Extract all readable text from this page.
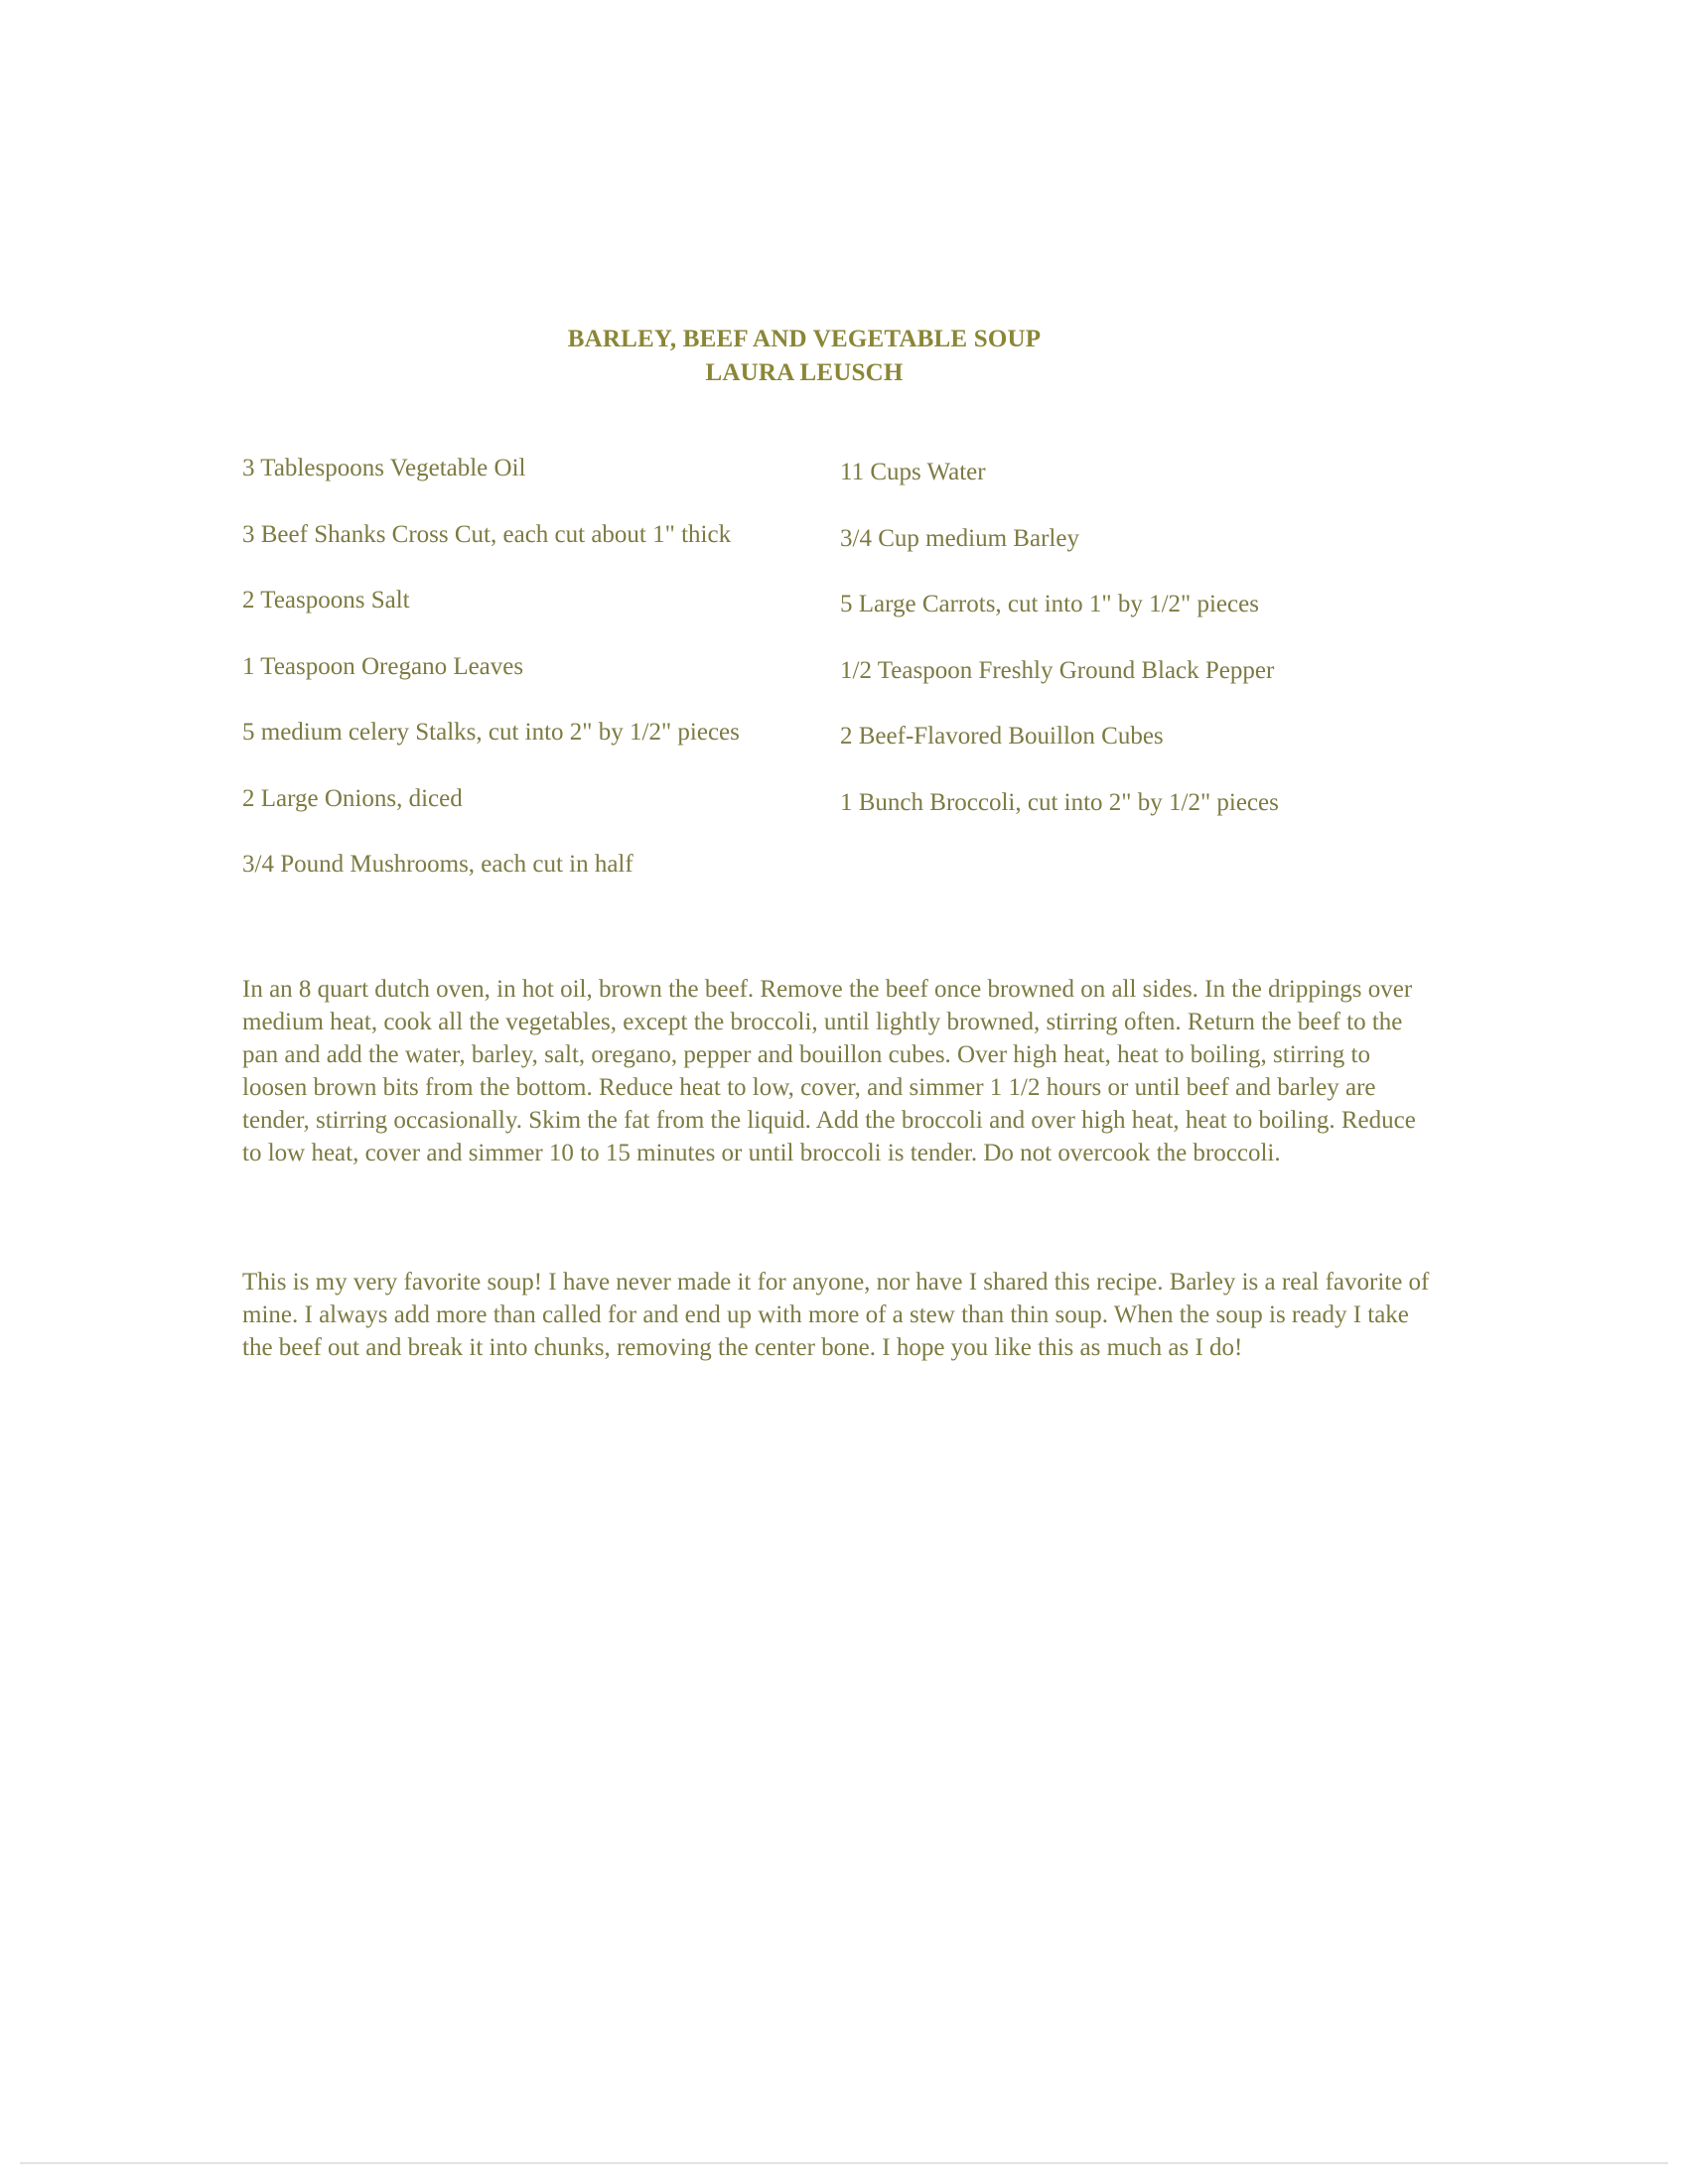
BARLEY, BEEF AND VEGETABLE SOUP
LAURA LEUSCH
3 Tablespoons Vegetable Oil
3 Beef Shanks Cross Cut, each cut about 1" thick
2 Teaspoons Salt
1 Teaspoon Oregano Leaves
5 medium celery Stalks, cut into 2" by 1/2" pieces
2 Large Onions, diced
3/4 Pound Mushrooms, each cut in half
11 Cups Water
3/4 Cup medium Barley
5 Large Carrots, cut into 1" by 1/2" pieces
1/2 Teaspoon Freshly Ground Black Pepper
2 Beef-Flavored Bouillon Cubes
1 Bunch Broccoli, cut into 2" by 1/2" pieces

In an 8 quart dutch oven, in hot oil, brown the beef. Remove the beef once browned on all sides. In the drippings over medium heat, cook all the vegetables, except the broccoli, until lightly browned, stirring often. Return the beef to the pan and add the water, barley, salt, oregano, pepper and bouillon cubes. Over high heat, heat to boiling, stirring to loosen brown bits from the bottom. Reduce heat to low, cover, and simmer 1 1/2 hours or until beef and barley are tender, stirring occasionally. Skim the fat from the liquid. Add the broccoli and over high heat, heat to boiling. Reduce to low heat, cover and simmer 10 to 15 minutes or until broccoli is tender. Do not overcook the broccoli.

This is my very favorite soup! I have never made it for anyone, nor have I shared this recipe. Barley is a real favorite of mine. I always add more than called for and end up with more of a stew than thin soup. When the soup is ready I take the beef out and break it into chunks, removing the center bone. I hope you like this as much as I do!
